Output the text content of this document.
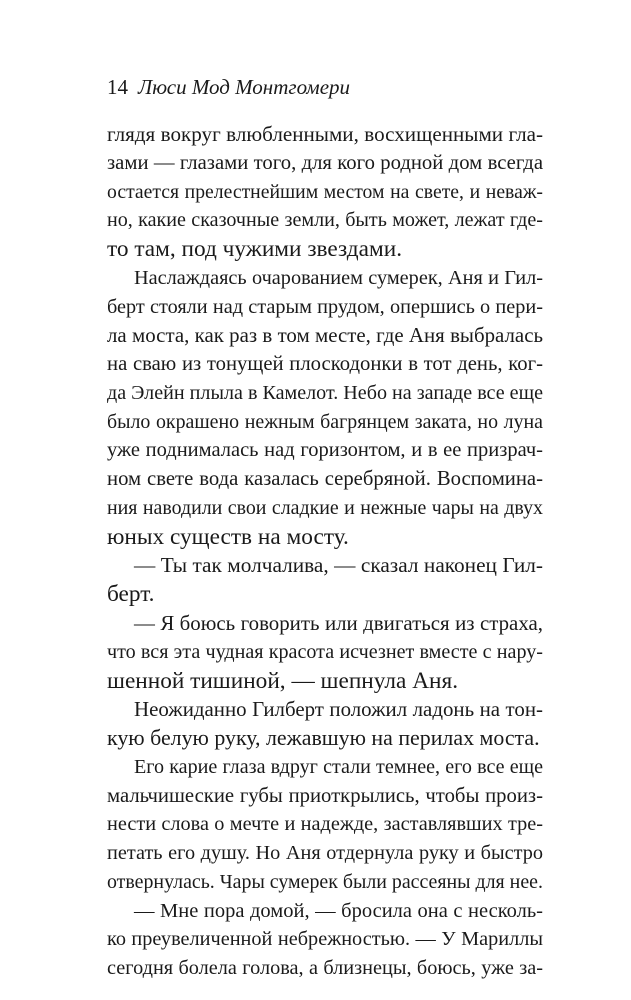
14 Люси Мод Монтгомери
глядя вокруг влюбленными, восхищенными гла-
зами — глазами того, для кого родной дом всегда
остается прелестнейшим местом на свете, и неваж-
но, какие сказочные земли, быть может, лежат где-
то там, под чужими звездами.
Наслаждаясь очарованием сумерек, Аня и Гил-
берт стояли над старым прудом, опершись о пери-
ла моста, как раз в том месте, где Аня выбралась
на сваю из тонущей плоскодонки в тот день, ког-
да Элейн плыла в Камелот. Небо на западе все еще
было окрашено нежным багрянцем заката, но луна
уже поднималась над горизонтом, и в ее призрач-
ном свете вода казалась серебряной. Воспомина-
ния наводили свои сладкие и нежные чары на двух
юных существ на мосту.
— Ты так молчалива, — сказал наконец Гил-
берт.
— Я боюсь говорить или двигаться из страха,
что вся эта чудная красота исчезнет вместе с нару-
шенной тишиной, — шепнула Аня.
Неожиданно Гилберт положил ладонь на тон-
кую белую руку, лежавшую на перилах моста.
Его карие глаза вдруг стали темнее, его все еще
мальчишеские губы приоткрылись, чтобы произ-
нести слова о мечте и надежде, заставлявших тре-
петать его душу. Но Аня отдернула руку и быстро
отвернулась. Чары сумерек были рассеяны для нее.
— Мне пора домой, — бросила она с несколь-
ко преувеличенной небрежностью. — У Мариллы
сегодня болела голова, а близнецы, боюсь, уже за-
